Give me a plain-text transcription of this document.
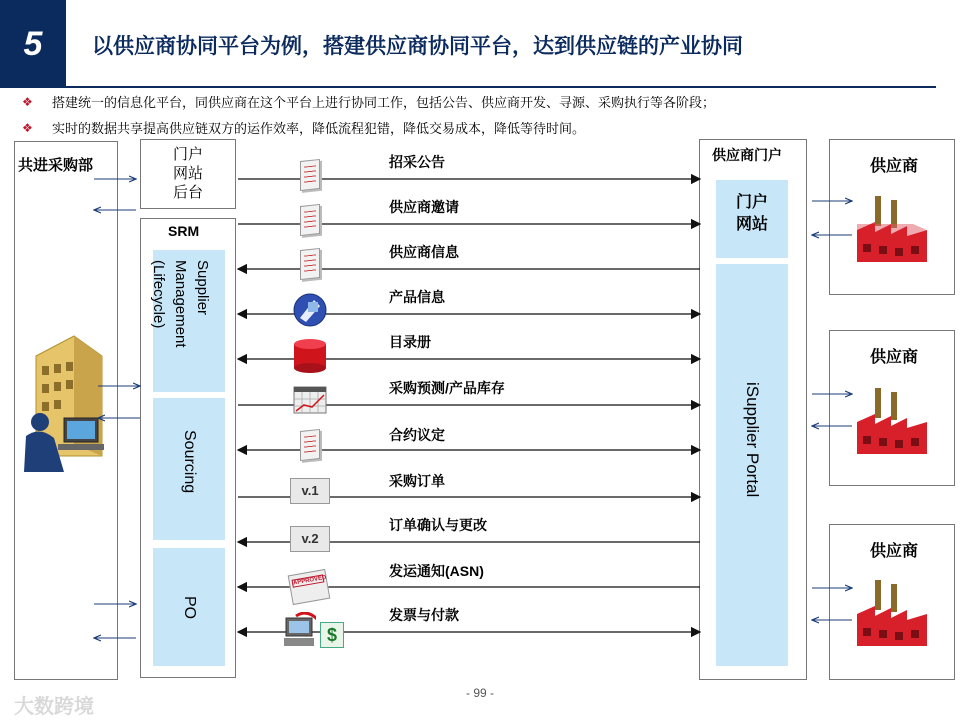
5	以供应商协同平台为例，搭建供应商协同平台，达到供应链的产业协同
❖	搭建统一的信息化平台，同供应商在这个平台上进行协同工作，包括公告、供应商开发、寻源、采购执行等各阶段；
❖	实时的数据共享提高供应链双方的运作效率，降低流程犯错，降低交易成本，降低等待时间。
共进采购部
门户
网站
后台
SRM
Supplier Management (Lifecycle)
Sourcing
PO
供应商门户
门户
网站
iSupplier Portal
供应商
供应商
供应商
v.1
v.2
APPROVED
$
招采公告
供应商邀请
供应商信息
产品信息
目录册
采购预测/产品库存
合约议定
采购订单
订单确认与更改
发运通知(ASN)
发票与付款
- 99 -
大数跨境
